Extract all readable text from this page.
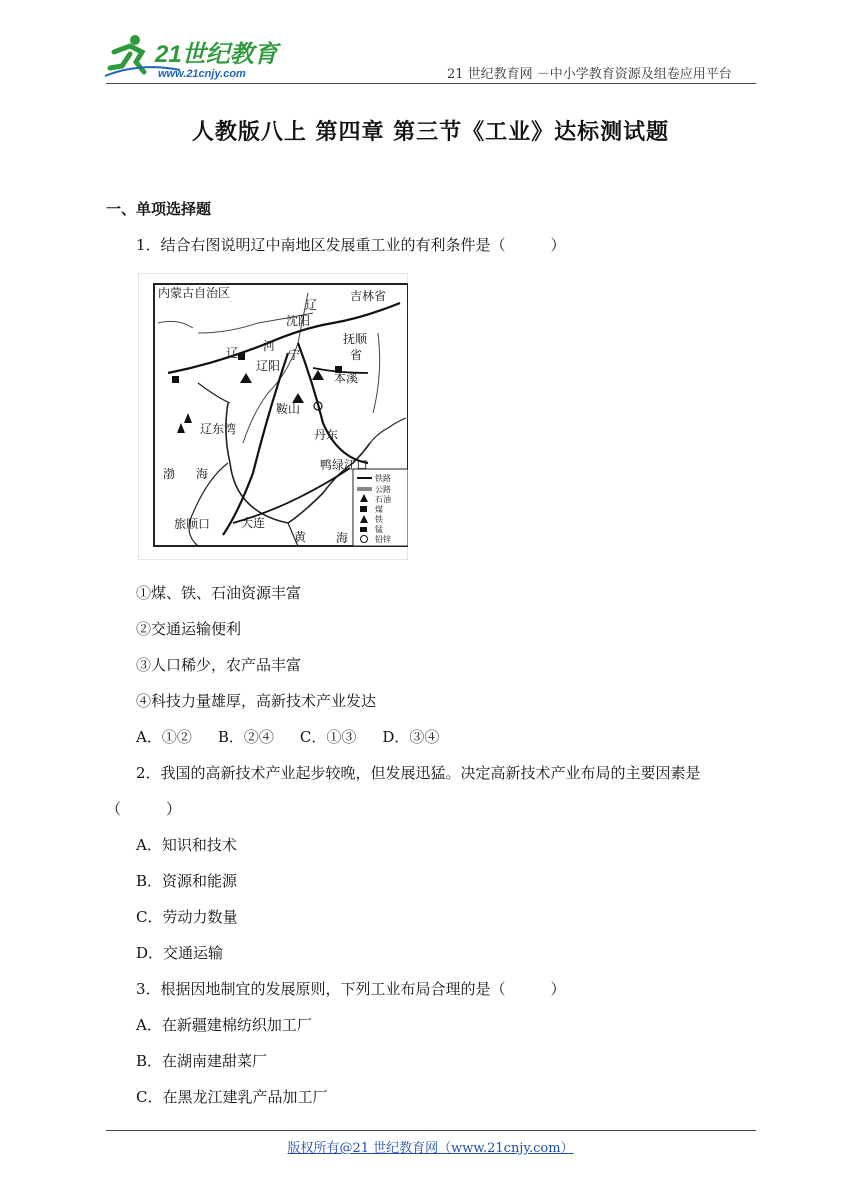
21世纪教育
www.21cnjy.com	21 世纪教育网 －中小学教育资源及组卷应用平台
人教版八上 第四章 第三节《工业》达标测试题
一、单项选择题
1．结合右图说明辽中南地区发展重工业的有利条件是（　　　）
铁路
公路
石油
煤
铁
锰
铅锌
内蒙古自治区	吉林省
辽
沈阳
抚顺
省
辽 河
宁
辽阳
本溪
鞍山
辽东湾	丹东
渤 海
鸭绿江口
旅顺口	大连
黄 海
①煤、铁、石油资源丰富
②交通运输便利
③人口稀少，农产品丰富
④科技力量雄厚，高新技术产业发达
A．①② B．②④ C．①③ D．③④
2．我国的高新技术产业起步较晚，但发展迅猛。决定高新技术产业布局的主要因素是
（　　　）
A．知识和技术
B．资源和能源
C．劳动力数量
D．交通运输
3．根据因地制宜的发展原则，下列工业布局合理的是（　　　）
A．在新疆建棉纺织加工厂
B．在湖南建甜菜厂
C．在黑龙江建乳产品加工厂
版权所有@21 世纪教育网（www.21cnjy.com）
